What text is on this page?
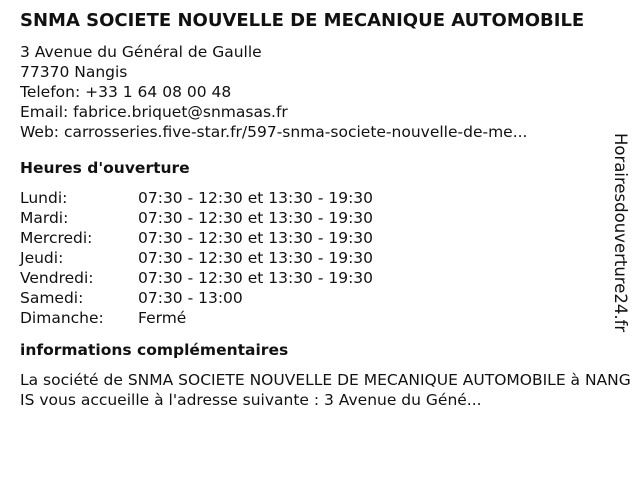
SNMA SOCIETE NOUVELLE DE MECANIQUE AUTOMOBILE
3 Avenue du Général de Gaulle
77370 Nangis
Telefon: +33 1 64 08 00 48
Email: fabrice.briquet@snmasas.fr
Web: carrosseries.five-star.fr/597-snma-societe-nouvelle-de-me...
Heures d'ouverture
Lundi:	07:30 - 12:30 et 13:30 - 19:30
Mardi:	07:30 - 12:30 et 13:30 - 19:30
Mercredi:	07:30 - 12:30 et 13:30 - 19:30
Jeudi:	07:30 - 12:30 et 13:30 - 19:30
Vendredi:	07:30 - 12:30 et 13:30 - 19:30
Samedi:	07:30 - 13:00
Dimanche:	Fermé
informations complémentaires
La société de SNMA SOCIETE NOUVELLE DE MECANIQUE AUTOMOBILE à NANGIS vous accueille à l'adresse suivante : 3 Avenue du Géné...
Horairesdouverture24.fr
